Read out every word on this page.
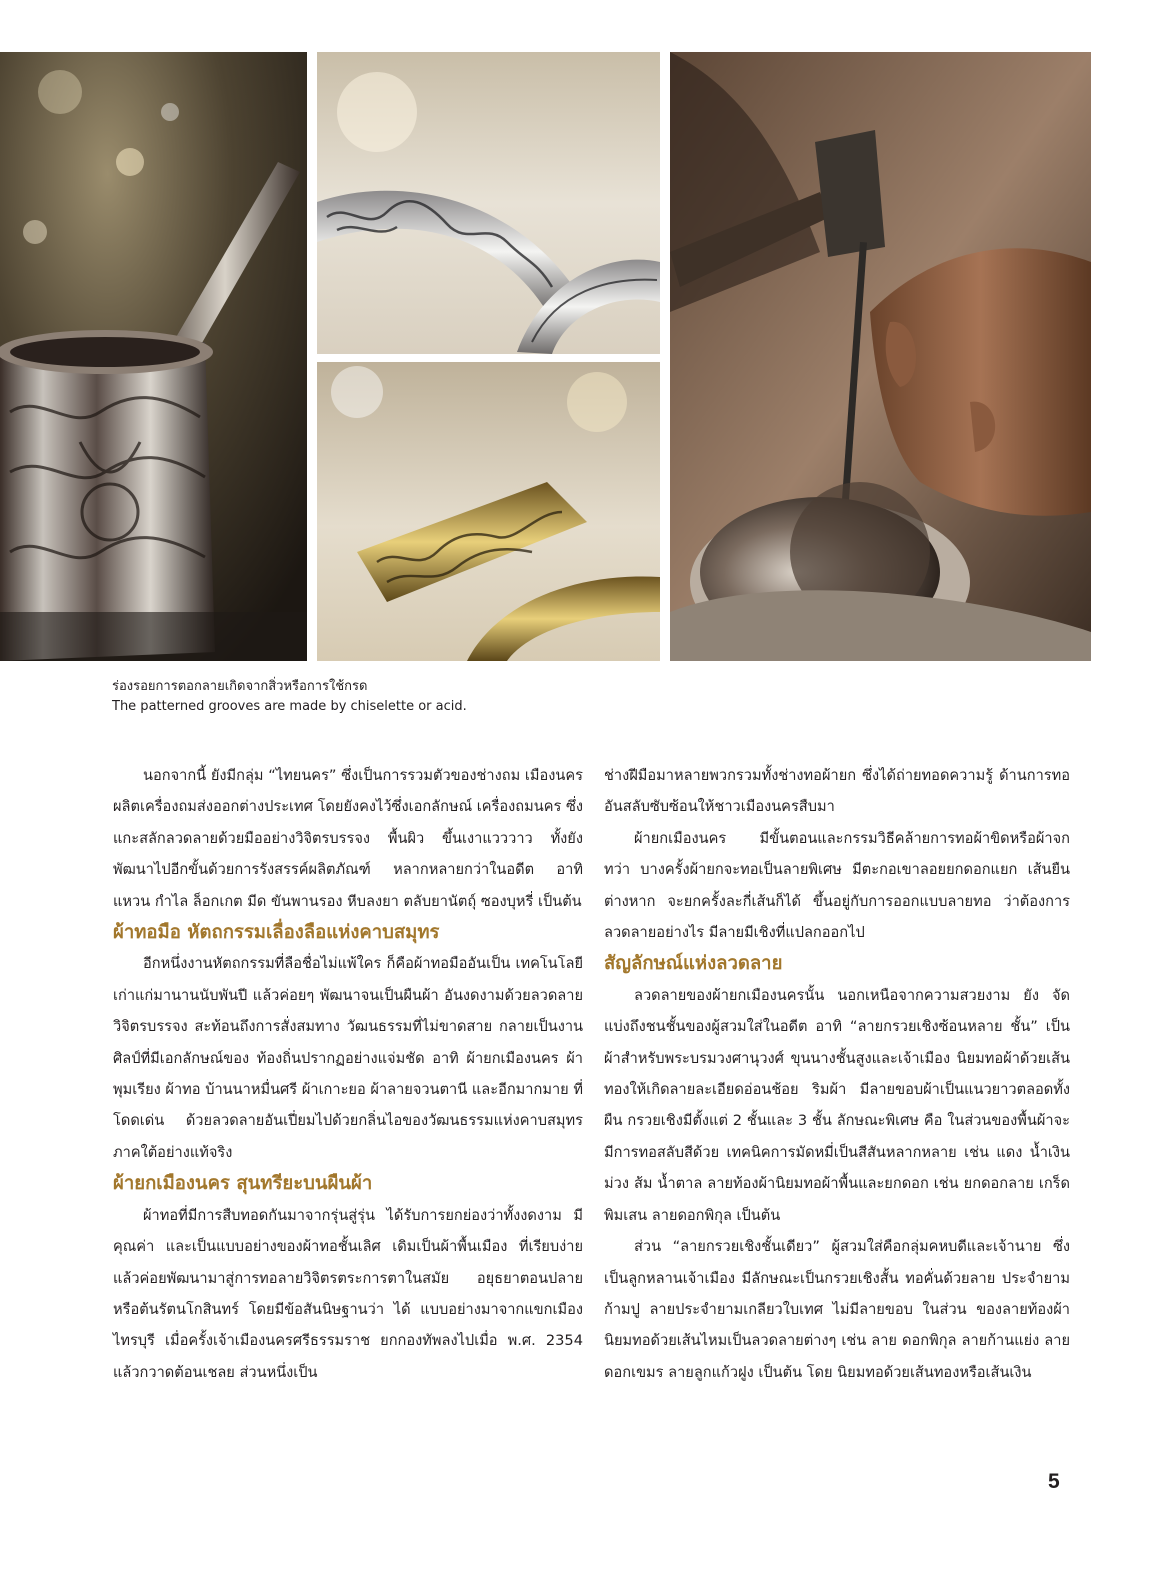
ร่องรอยการตอกลายเกิดจากสิ่วหรือการใช้กรด
The patterned grooves are made by chiselette or acid.

นอกจากนี้ ยังมีกลุ่ม “ไทยนคร” ซึ่งเป็นการรวมตัวของช่างถม เมืองนคร ผลิตเครื่องถมส่งออกต่างประเทศ โดยยังคงไว้ซึ่งเอกลักษณ์ เครื่องถมนคร ซึ่งแกะสลักลวดลายด้วยมืออย่างวิจิตรบรรจง พื้นผิว ขึ้นเงาแวววาว ทั้งยังพัฒนาไปอีกขั้นด้วยการรังสรรค์ผลิตภัณฑ์ หลากหลายกว่าในอดีต อาทิ แหวน กำไล ล็อกเกต มีด ขันพานรอง หีบลงยา ตลับยานัตถุ์ ซองบุหรี่ เป็นต้น

ผ้าทอมือ หัตถกรรมเลื่องลือแห่งคาบสมุทร

อีกหนึ่งงานหัตถกรรมที่ลือชื่อไม่แพ้ใคร ก็คือผ้าทอมืออันเป็น เทคโนโลยีเก่าแก่มานานนับพันปี แล้วค่อยๆ พัฒนาจนเป็นผืนผ้า อันงดงามด้วยลวดลายวิจิตรบรรจง สะท้อนถึงการสั่งสมทาง วัฒนธรรมที่ไม่ขาดสาย กลายเป็นงานศิลป์ที่มีเอกลักษณ์ของ ท้องถิ่นปรากฏอย่างแจ่มชัด อาทิ ผ้ายกเมืองนคร ผ้าพุมเรียง ผ้าทอ บ้านนาหมื่นศรี ผ้าเกาะยอ ผ้าลายจวนตานี และอีกมากมาย ที่โดดเด่น ด้วยลวดลายอันเปี่ยมไปด้วยกลิ่นไอของวัฒนธรรมแห่งคาบสมุทร ภาคใต้อย่างแท้จริง

ผ้ายกเมืองนคร สุนทรียะบนผืนผ้า

ผ้าทอที่มีการสืบทอดกันมาจากรุ่นสู่รุ่น ได้รับการยกย่องว่าทั้งงดงาม มีคุณค่า และเป็นแบบอย่างของผ้าทอชั้นเลิศ เดิมเป็นผ้าพื้นเมือง ที่เรียบง่าย แล้วค่อยพัฒนามาสู่การทอลายวิจิตรตระการตาในสมัย อยุธยาตอนปลาย หรือต้นรัตนโกสินทร์ โดยมีข้อสันนิษฐานว่า ได้ แบบอย่างมาจากแขกเมืองไทรบุรี เมื่อครั้งเจ้าเมืองนครศรีธรรมราช ยกกองทัพลงไปเมื่อ พ.ศ. 2354 แล้วกวาดต้อนเชลย ส่วนหนึ่งเป็น

ช่างฝีมือมาหลายพวกรวมทั้งช่างทอผ้ายก ซึ่งได้ถ่ายทอดความรู้ ด้านการทออันสลับซับซ้อนให้ชาวเมืองนครสืบมา

ผ้ายกเมืองนคร มีขั้นตอนและกรรมวิธีคล้ายการทอผ้าขิดหรือผ้าจก ทว่า บางครั้งผ้ายกจะทอเป็นลายพิเศษ มีตะกอเขาลอยยกดอกแยก เส้นยืนต่างหาก จะยกครั้งละกี่เส้นก็ได้ ขึ้นอยู่กับการออกแบบลายทอ ว่าต้องการลวดลายอย่างไร มีลายมีเชิงที่แปลกออกไป

สัญลักษณ์แห่งลวดลาย

ลวดลายของผ้ายกเมืองนครนั้น นอกเหนือจากความสวยงาม ยัง จัดแบ่งถึงชนชั้นของผู้สวมใส่ในอดีต อาทิ “ลายกรวยเชิงซ้อนหลาย ชั้น” เป็นผ้าสำหรับพระบรมวงศานุวงศ์ ขุนนางชั้นสูงและเจ้าเมือง นิยมทอผ้าด้วยเส้นทองให้เกิดลายละเอียดอ่อนช้อย ริมผ้า มีลายขอบผ้าเป็นแนวยาวตลอดทั้งผืน กรวยเชิงมีตั้งแต่ 2 ชั้นและ 3 ชั้น ลักษณะพิเศษ คือ ในส่วนของพื้นผ้าจะมีการทอสลับสีด้วย เทคนิคการมัดหมี่เป็นสีสันหลากหลาย เช่น แดง น้ำเงิน ม่วง ส้ม น้ำตาล ลายท้องผ้านิยมทอผ้าพื้นและยกดอก เช่น ยกดอกลาย เกร็ดพิมเสน ลายดอกพิกุล เป็นต้น

ส่วน “ลายกรวยเชิงชั้นเดียว” ผู้สวมใส่คือกลุ่มคหบดีและเจ้านาย ซึ่งเป็นลูกหลานเจ้าเมือง มีลักษณะเป็นกรวยเชิงสั้น ทอคั่นด้วยลาย ประจำยามก้ามปู ลายประจำยามเกลียวใบเทศ ไม่มีลายขอบ ในส่วน ของลายท้องผ้านิยมทอด้วยเส้นไหมเป็นลวดลายต่างๆ เช่น ลาย ดอกพิกุล ลายก้านแย่ง ลายดอกเขมร ลายลูกแก้วฝูง เป็นต้น โดย นิยมทอด้วยเส้นทองหรือเส้นเงิน

5
